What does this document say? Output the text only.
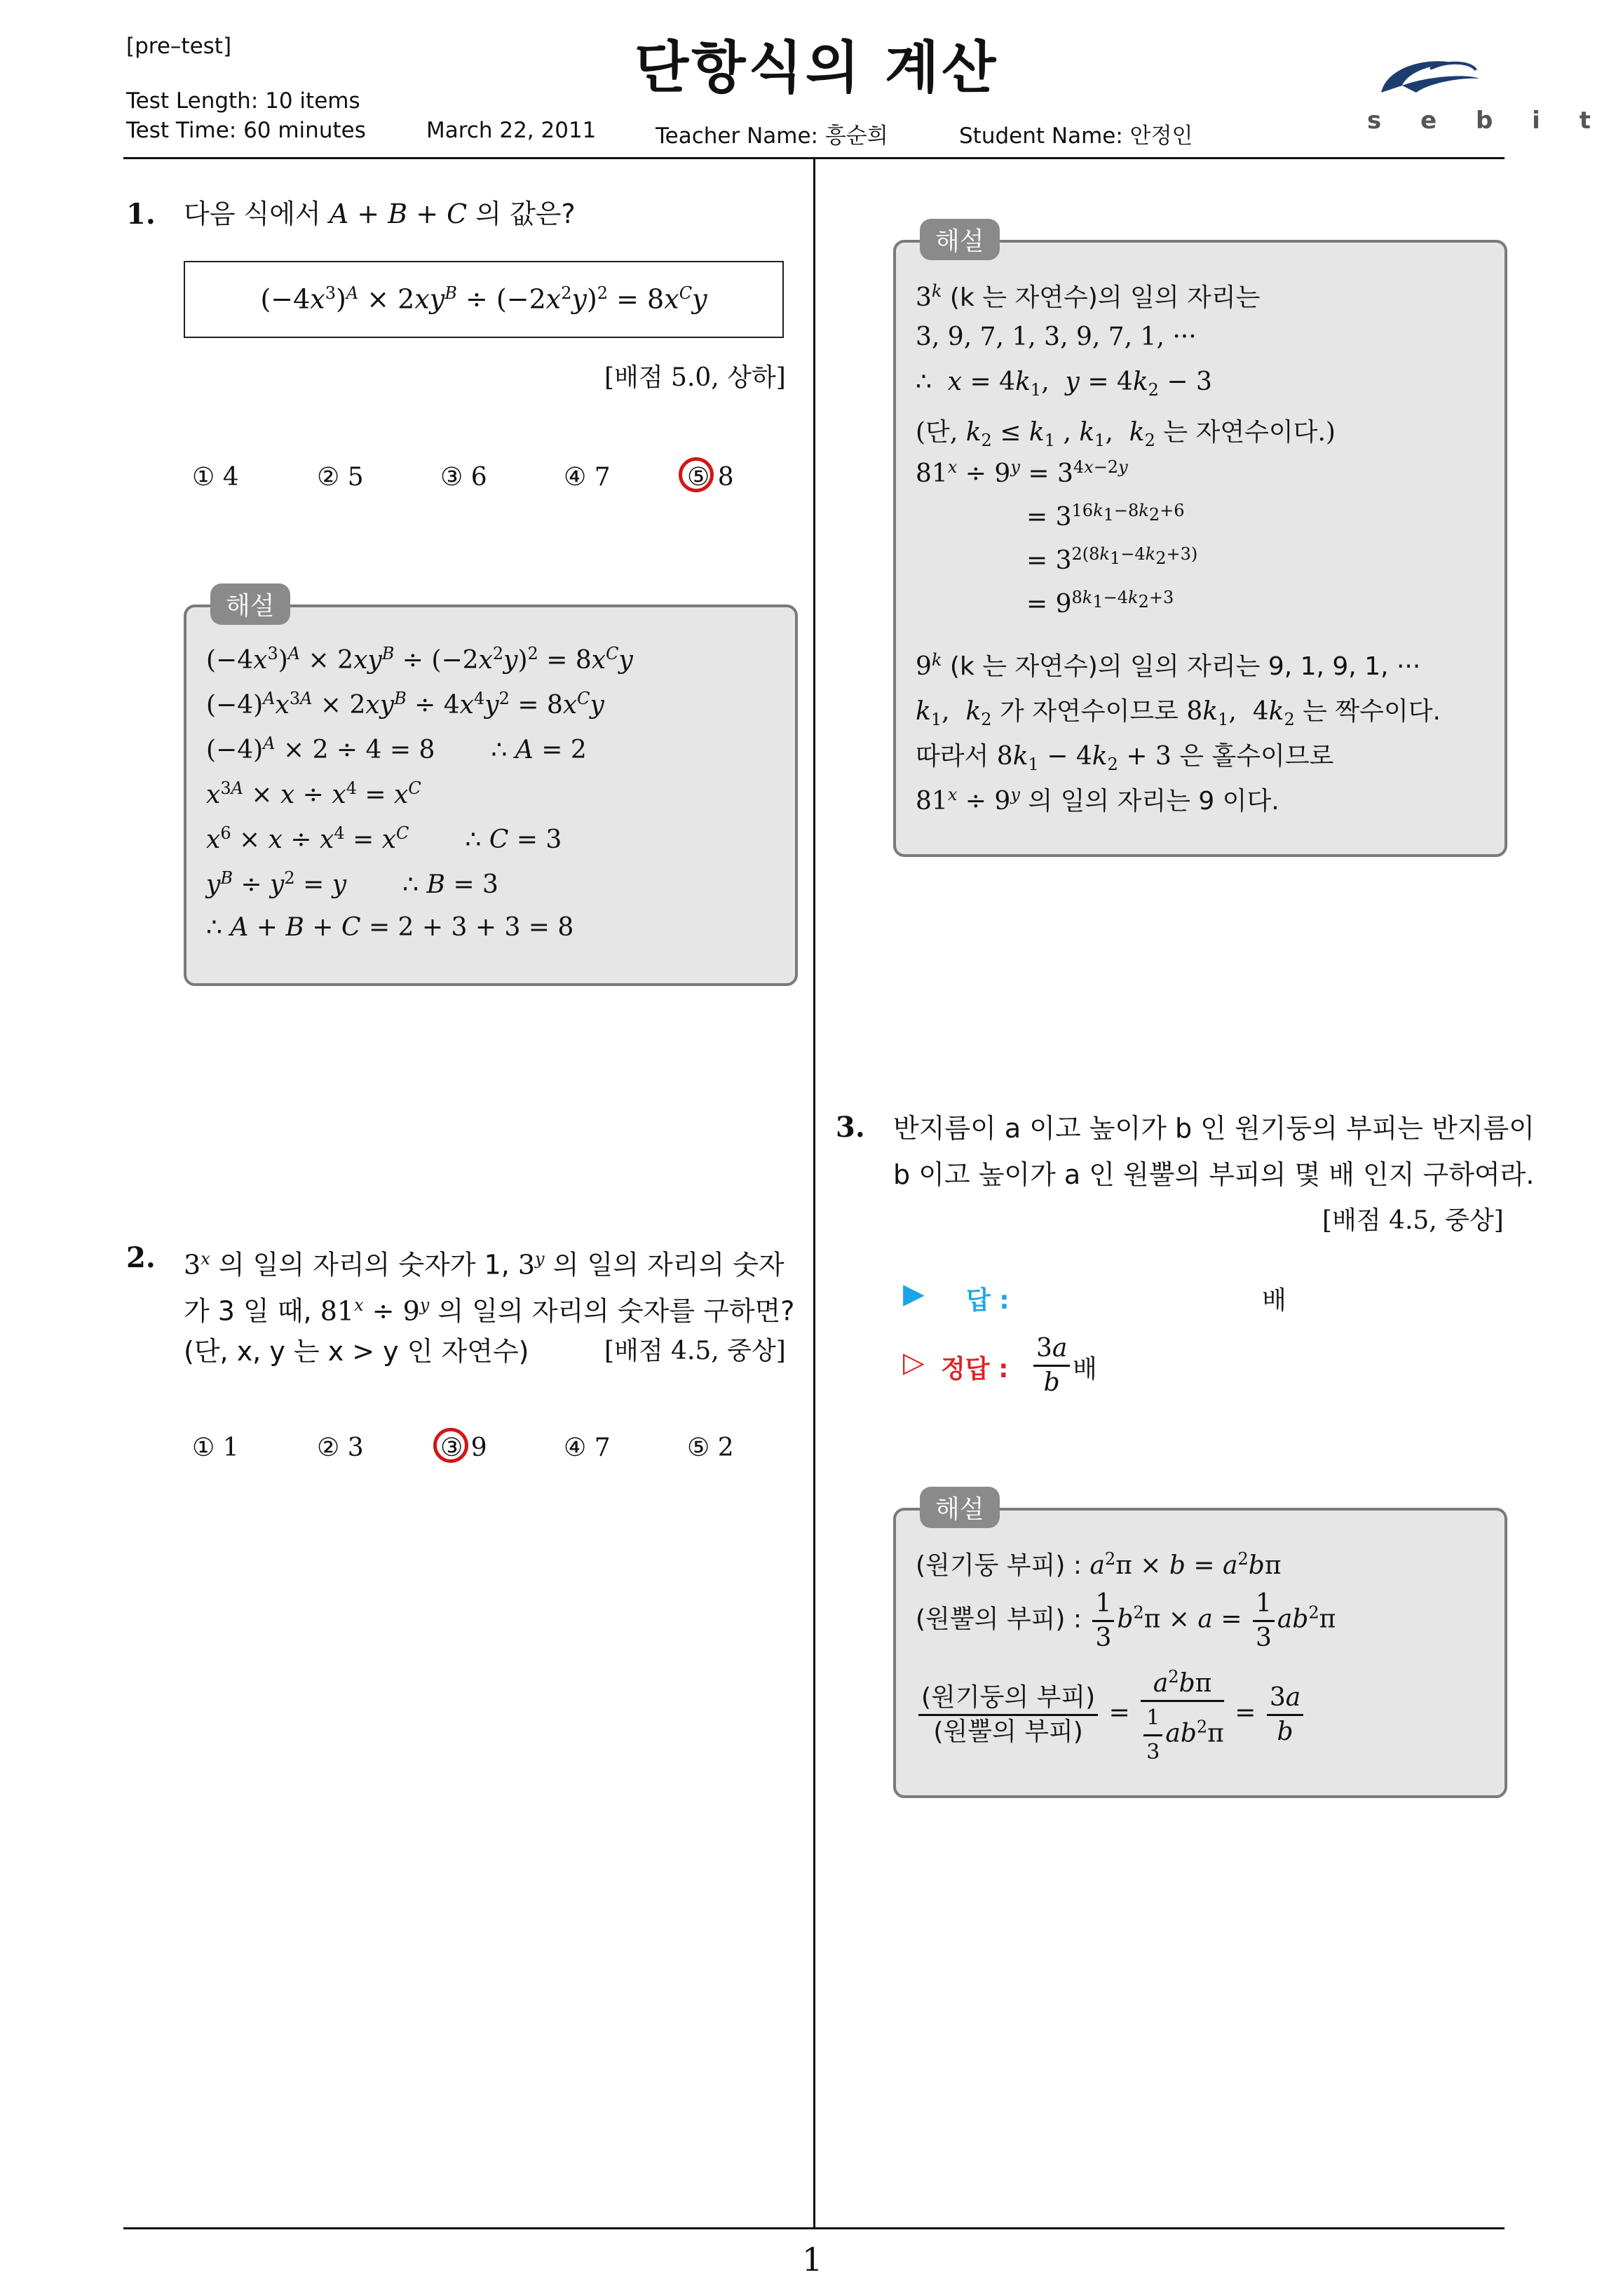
[pre–test]	단항식의 계산
Test Length: 10 items
Test Time: 60 minutes	March 22, 2011	Teacher Name: 흥순희	Student Name: 안정인
s e b i t
1
1. 다음 식에서 A + B + C 의 값은?
$(-4x^3)^A \times 2xy^B \div (-2x^2y)^2 = 8x^Cy$
[배점 5.0, 상하]
① 4	② 5	③ 6	④ 7	⑤ 8
해설
$(-4x^3)^A \times 2xy^B \div (-2x^2y)^2 = 8x^Cy$
$(-4)^Ax^{3A} \times 2xy^B \div 4x^4y^2 = 8x^Cy$
$(-4)^A \times 2 \div 4 = 8$       ∴ A = 2
$x^{3A} \times x \div x^4 = x^C$
$x^6 \times x \div x^4 = x^C$       ∴ C = 3
$y^B \div y^2 = y$       ∴ B = 3
∴ A + B + C = 2 + 3 + 3 = 8
2. 3$^x$ 의 일의 자리의 숫자가 1, 3$^y$ 의 일의 자리의 숫자
가 3 일 때, $81^x \div 9^y$ 의 일의 자리의 숫자를 구하면?
(단, x, y 는 x > y 인 자연수)	[배점 4.5, 중상]
① 1	② 3	③ 9	④ 7	⑤ 2
해설
3$^k$ (k 는 자연수)의 일의 자리는
3, 9, 7, 1, 3, 9, 7, 1, ···
∴  $x = 4k_1$,  $y = 4k_2 - 3$
(단, $k_2 \le k_1$ , $k_1$,  $k_2$ 는 자연수이다.)
$81^x \div 9^y = 3^{4x-2y}$
= $3^{16k_1-8k_2+6}$
= $3^{2(8k_1-4k_2+3)}$
= $9^{8k_1-4k_2+3}$
9$^k$ (k 는 자연수)의 일의 자리는 9, 1, 9, 1, ···
$k_1$,  $k_2$ 가 자연수이므로 $8k_1$,  $4k_2$ 는 짝수이다.
따라서 $8k_1 - 4k_2 + 3$ 은 홀수이므로
$81^x \div 9^y$ 의 일의 자리는 9 이다.
3. 반지름이 a 이고 높이가 b 인 원기둥의 부피는 반지름이
b 이고 높이가 a 인 원뿔의 부피의 몇 배 인지 구하여라.
[배점 4.5, 중상]
▶ 답 :	배
▷ 정답 : $\frac{3a}{b}$ 배
해설
(원기둥 부피) : $a^2\pi \times b = a^2b\pi$
(원뿔의 부피) : $\frac{1}{3} b^2\pi \times a = \frac{1}{3} ab^2\pi$
$\frac{\text{(원기둥의 부피)}}{\text{(원뿔의 부피)}} = \frac{a^2b\pi}{\frac{1}{3} ab^2\pi} = \frac{3a}{b}$
